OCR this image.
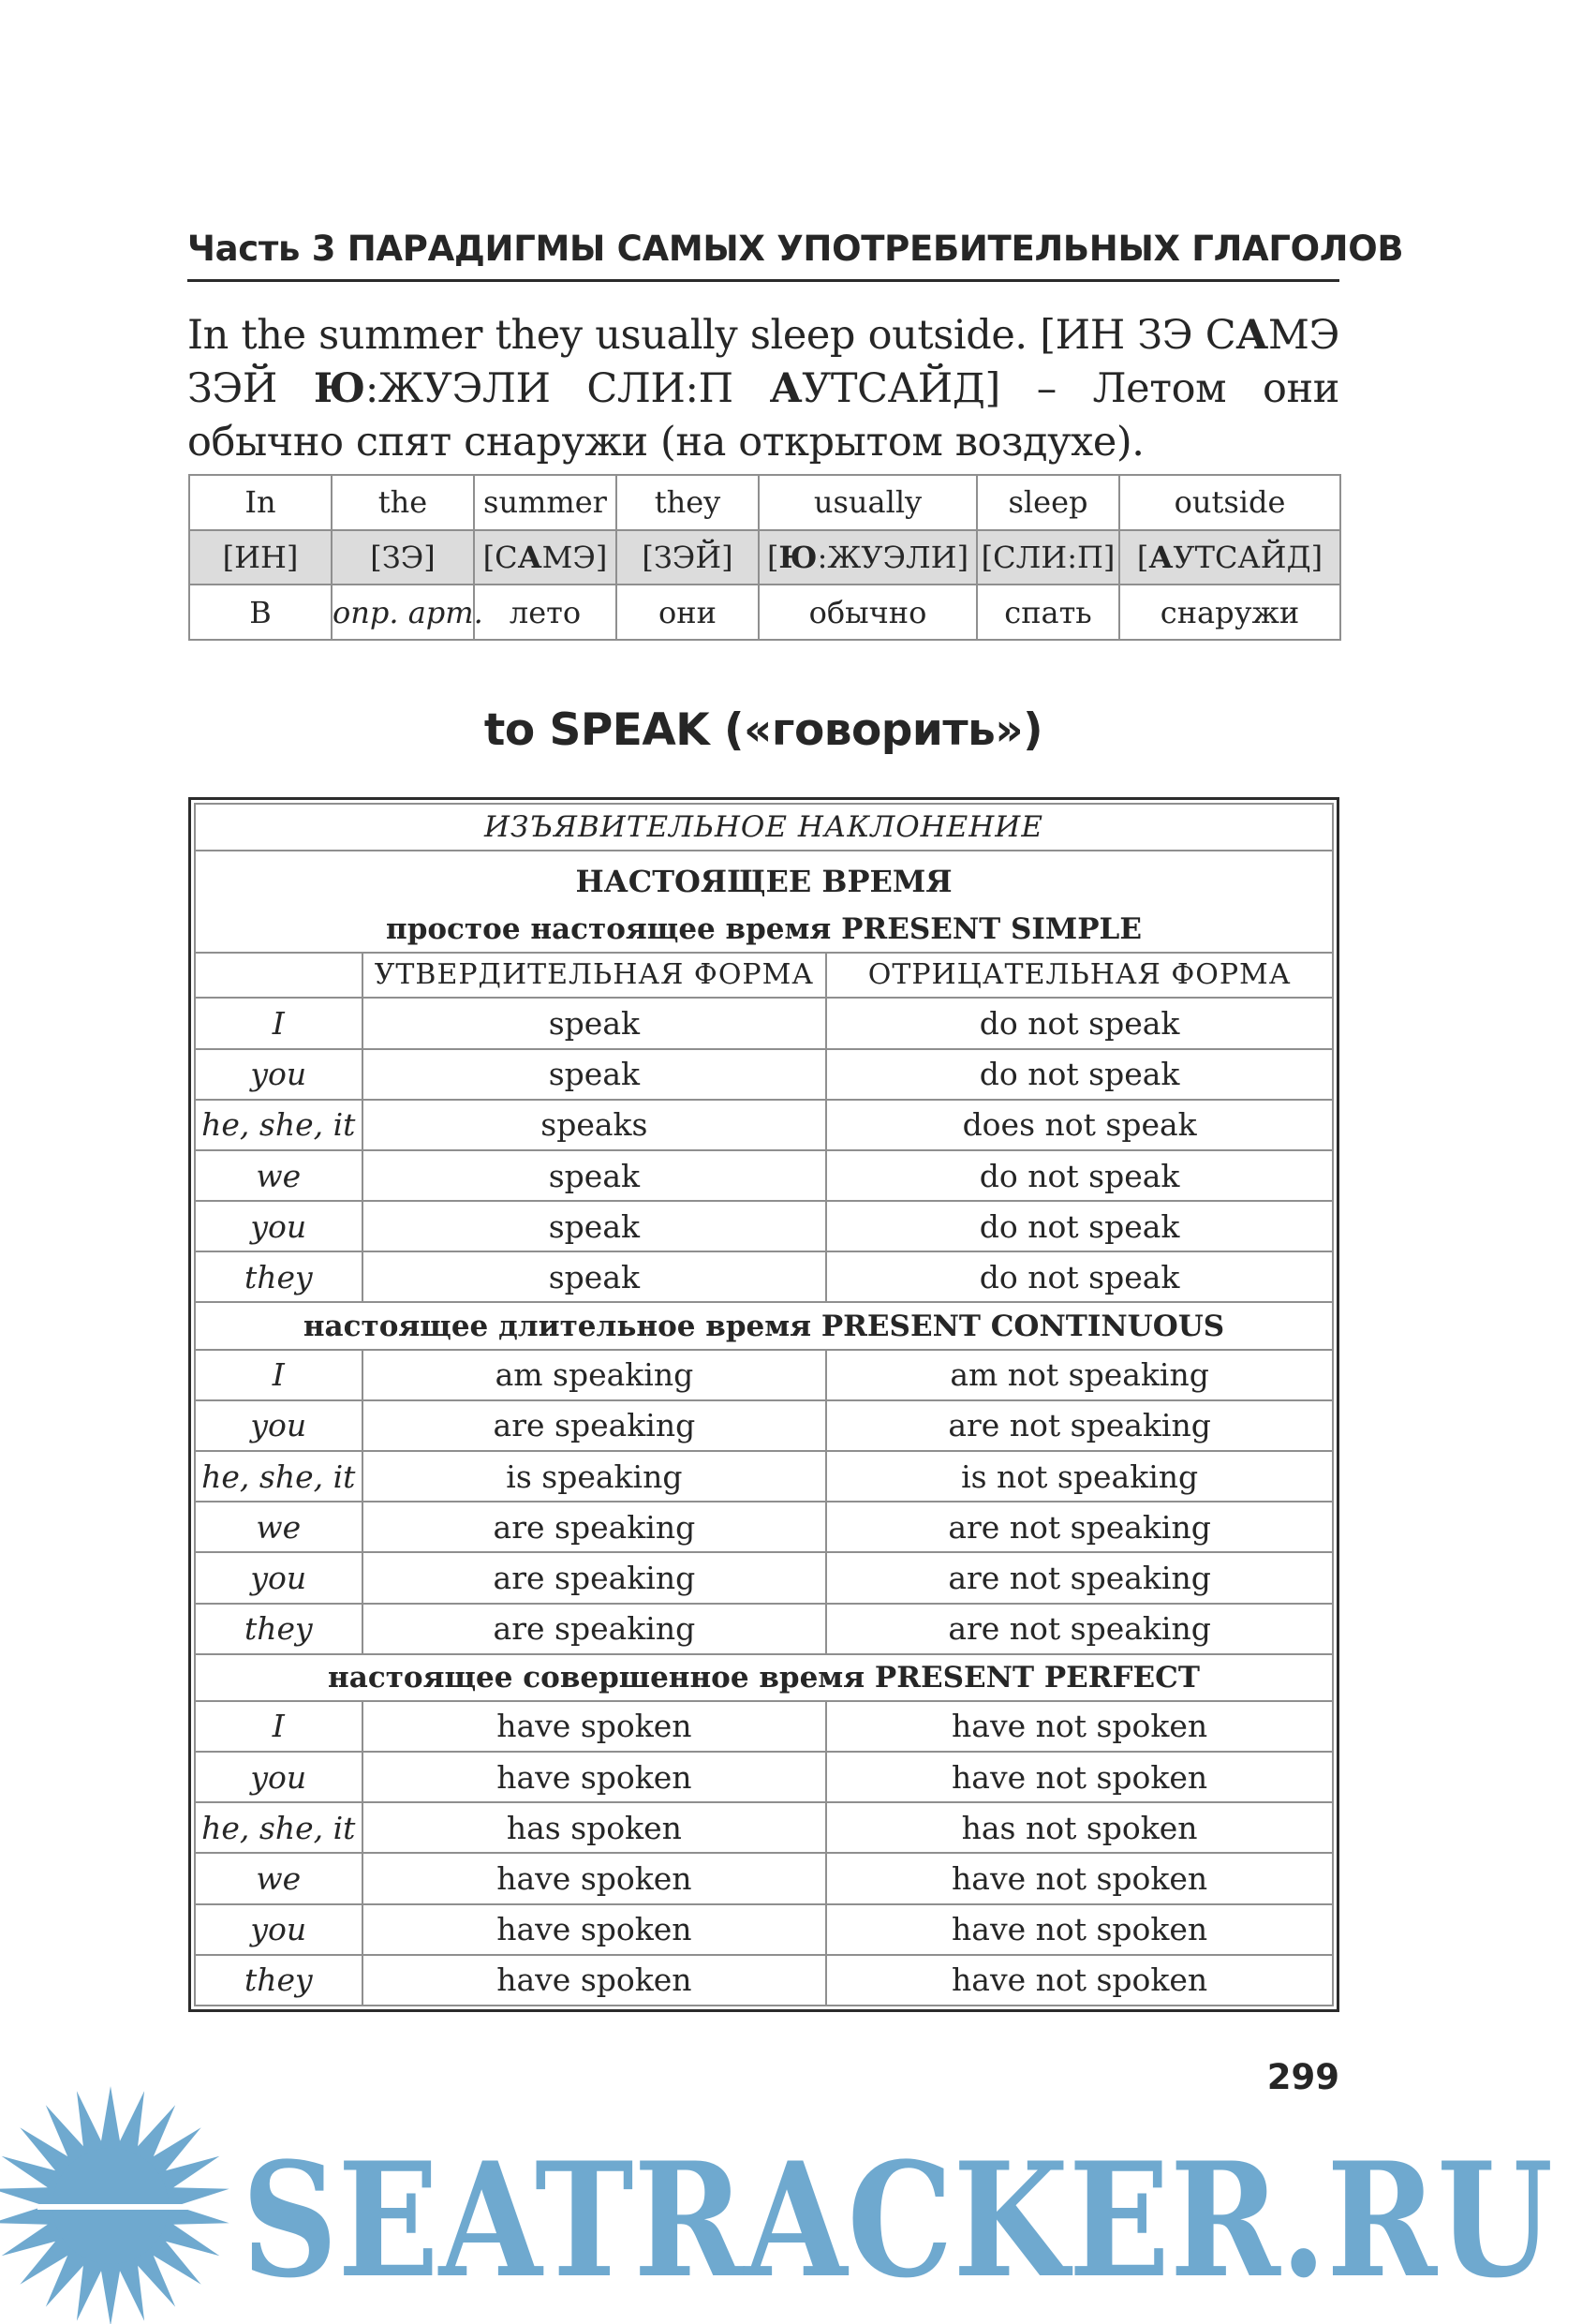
Часть 3 ПАРАДИГМЫ САМЫХ УПОТРЕБИТЕЛЬНЫХ ГЛАГОЛОВ
In the summer they usually sleep outside. [ИН ЗЭ САМЭ ЗЭЙ Ю:ЖУЭЛИ СЛИ:П АУТСАЙД] – Летом они обычно спят снаружи (на открытом воздухе).
In	the	summer	they	usually	sleep	outside
[ИН]	[ЗЭ]	[САМЭ]	[ЗЭЙ]	[Ю:ЖУЭЛИ]	[СЛИ:П]	[АУТСАЙД]
В	опр. арт.	лето	они	обычно	спать	снаружи
to SPEAK («говорить»)
ИЗЪЯВИТЕЛЬНОЕ НАКЛОНЕНИЕ		
НАСТОЯЩЕЕ ВРЕМЯ		
простое настоящее время PRESENT SIMPLE		
	УТВЕРДИТЕЛЬНАЯ ФОРМА	ОТРИЦАТЕЛЬНАЯ ФОРМА
I	speak	do not speak
you	speak	do not speak
he, she, it	speaks	does not speak
we	speak	do not speak
you	speak	do not speak
they	speak	do not speak
настоящее длительное время PRESENT CONTINUOUS		
I	am speaking	am not speaking
you	are speaking	are not speaking
he, she, it	is speaking	is not speaking
we	are speaking	are not speaking
you	are speaking	are not speaking
they	are speaking	are not speaking
настоящее совершенное время PRESENT PERFECT		
I	have spoken	have not spoken
you	have spoken	have not spoken
he, she, it	has spoken	has not spoken
we	have spoken	have not spoken
you	have spoken	have not spoken
they	have spoken	have not spoken
299
SEATRACKER.RU
